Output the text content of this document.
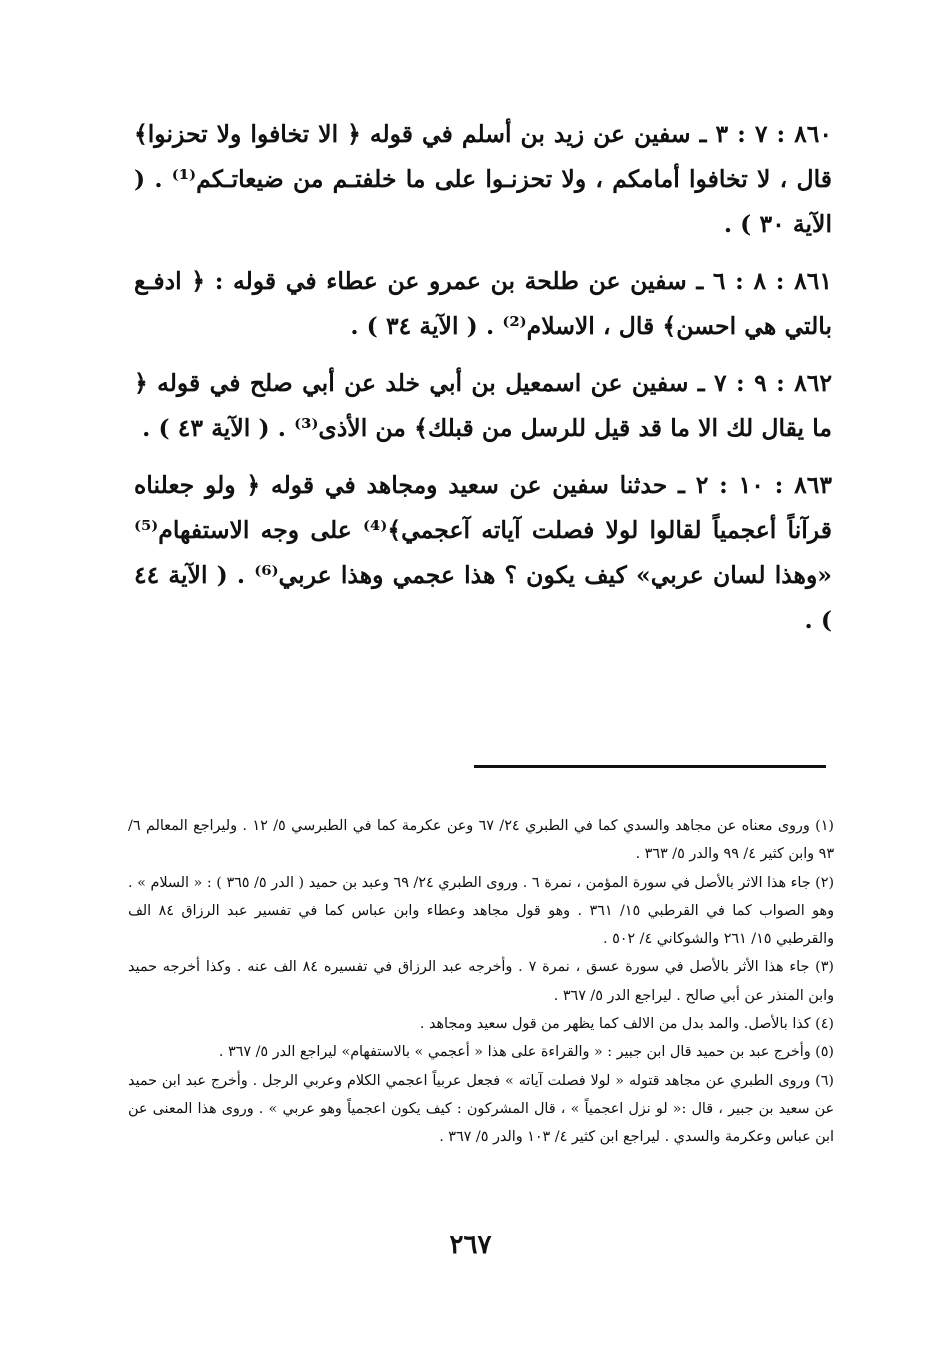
٨٦٠ : ٧ : ٣ ـ سفين عن زيد بن أسلم في قوله ﴿ الا تخافوا ولا تحزنوا﴾ قال ، لا تخافوا أمامكم ، ولا تحزنـوا على ما خلفتـم من ضيعاتـكم⁽¹⁾ . ( الآية ٣٠ ) .

٨٦١ : ٨ : ٦ ـ سفين عن طلحة بن عمرو عن عطاء في قوله : ﴿ ادفـع بالتي هي احسن﴾ قال ، الاسلام⁽²⁾ . ( الآية ٣٤ ) .

٨٦٢ : ٩ : ٧ ـ سفين عن اسمعيل بن أبي خلد عن أبي صلح في قوله ﴿ ما يقال لك الا ما قد قيل للرسل من قبلك﴾ من الأذى⁽³⁾ . ( الآية ٤٣ ) .

٨٦٣ : ١٠ : ٢ ـ حدثنا سفين عن سعيد ومجاهد في قوله ﴿ ولو جعلناه قرآناً أعجمياً لقالوا لولا فصلت آياته آعجمي﴾⁽⁴⁾ على وجه الاستفهام⁽⁵⁾ «وهذا لسان عربي» كيف يكون ؟ هذا عجمي وهذا عربي⁽⁶⁾ . ( الآية ٤٤ ) .

(١) وروى معناه عن مجاهد والسدي كما في الطبري ٢٤/ ٦٧ وعن عكرمة كما في الطبرسي ٥/ ١٢ . وليراجع المعالم ٦/ ٩٣ وابن كثير ٤/ ٩٩ والدر ٥/ ٣٦٣ .

(٢) جاء هذا الاثر بالأصل في سورة المؤمن ، نمرة ٦ . وروى الطبري ٢٤/ ٦٩ وعبد بن حميد ( الدر ٥/ ٣٦٥ ) : « السلام » . وهو الصواب كما في القرطبي ١٥/ ٣٦١ . وهو قول مجاهد وعطاء وابن عباس كما في تفسير عبد الرزاق ٨٤ الف والقرطبي ١٥/ ٢٦١ والشوكاني ٤/ ٥٠٢ .

(٣) جاء هذا الأثر بالأصل في سورة عسق ، نمرة ٧ . وأخرجه عبد الرزاق في تفسيره ٨٤ الف عنه . وكذا أخرجه حميد وابن المنذر عن أبي صالح . ليراجع الدر ٥/ ٣٦٧ .

(٤) كذا بالأصل. والمد بدل من الالف كما يظهر من قول سعيد ومجاهد .

(٥) وأخرج عبد بن حميد قال ابن جبير : « والقراءة على هذا « أعجمي » بالاستفهام» ليراجع الدر ٥/ ٣٦٧ .

(٦) وروى الطبري عن مجاهد قتوله « لولا فصلت آياته » فجعل عربياً اعجمي الكلام وعربي الرجل . وأخرج عبد ابن حميد عن سعيد بن جبير ، قال :« لو نزل اعجمياً » ، قال المشركون : كيف يكون اعجمياً وهو عربي » . وروى هذا المعنى عن ابن عباس وعكرمة والسدي . ليراجع ابن كثير ٤/ ١٠٣ والدر ٥/ ٣٦٧ .

٢٦٧
